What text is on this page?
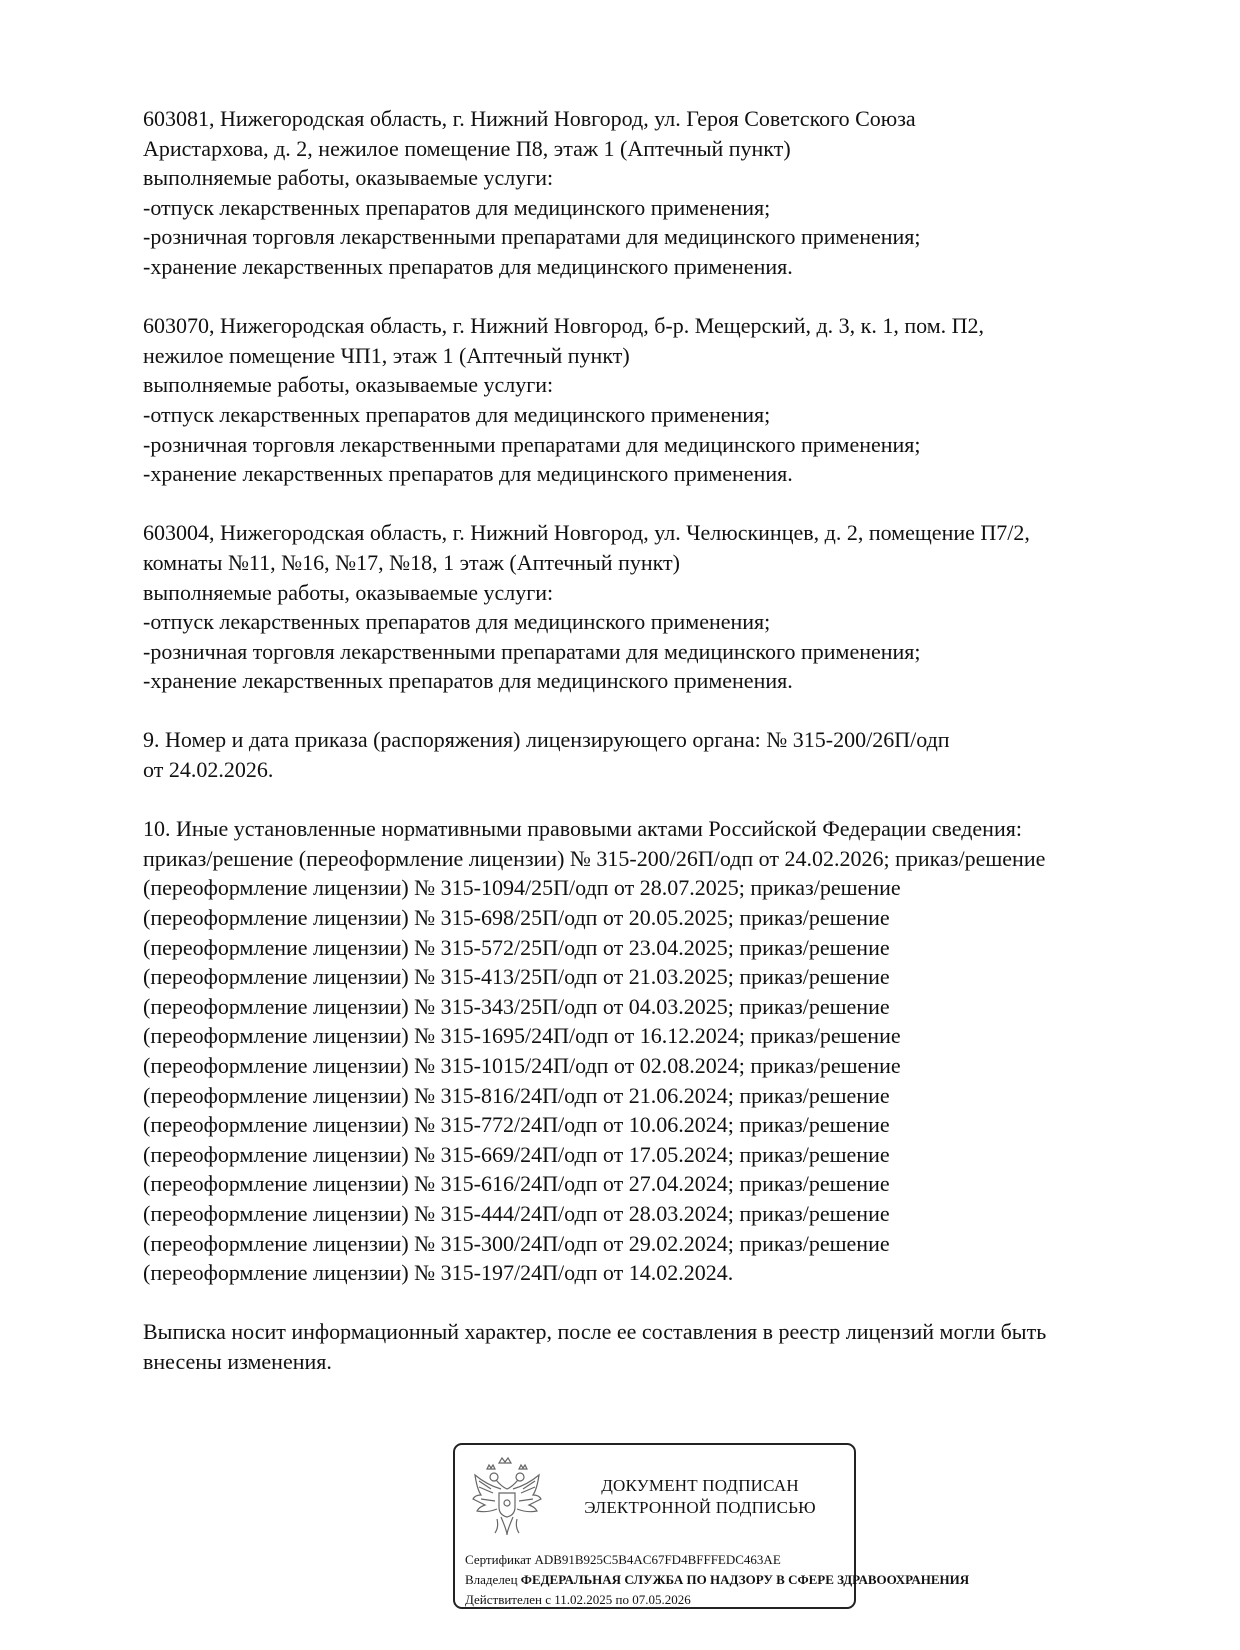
603081, Нижегородская область, г. Нижний Новгород, ул. Героя Советского Союза
Аристархова, д. 2, нежилое помещение П8, этаж 1 (Аптечный пункт)
выполняемые работы, оказываемые услуги:
-отпуск лекарственных препаратов для медицинского применения;
-розничная торговля лекарственными препаратами для медицинского применения;
-хранение лекарственных препаратов для медицинского применения.
603070, Нижегородская область, г. Нижний Новгород, б-р. Мещерский, д. 3, к. 1, пом. П2,
нежилое помещение ЧП1, этаж 1 (Аптечный пункт)
выполняемые работы, оказываемые услуги:
-отпуск лекарственных препаратов для медицинского применения;
-розничная торговля лекарственными препаратами для медицинского применения;
-хранение лекарственных препаратов для медицинского применения.
603004, Нижегородская область, г. Нижний Новгород, ул. Челюскинцев, д. 2, помещение П7/2,
комнаты №11, №16, №17, №18, 1 этаж (Аптечный пункт)
выполняемые работы, оказываемые услуги:
-отпуск лекарственных препаратов для медицинского применения;
-розничная торговля лекарственными препаратами для медицинского применения;
-хранение лекарственных препаратов для медицинского применения.
9. Номер и дата приказа (распоряжения) лицензирующего органа: № 315-200/26П/одп
от 24.02.2026.
10. Иные установленные нормативными правовыми актами Российской Федерации сведения:
приказ/решение (переоформление лицензии) № 315-200/26П/одп от 24.02.2026; приказ/решение
(переоформление лицензии) № 315-1094/25П/одп от 28.07.2025; приказ/решение
(переоформление лицензии) № 315-698/25П/одп от 20.05.2025; приказ/решение
(переоформление лицензии) № 315-572/25П/одп от 23.04.2025; приказ/решение
(переоформление лицензии) № 315-413/25П/одп от 21.03.2025; приказ/решение
(переоформление лицензии) № 315-343/25П/одп от 04.03.2025; приказ/решение
(переоформление лицензии) № 315-1695/24П/одп от 16.12.2024; приказ/решение
(переоформление лицензии) № 315-1015/24П/одп от 02.08.2024; приказ/решение
(переоформление лицензии) № 315-816/24П/одп от 21.06.2024; приказ/решение
(переоформление лицензии) № 315-772/24П/одп от 10.06.2024; приказ/решение
(переоформление лицензии) № 315-669/24П/одп от 17.05.2024; приказ/решение
(переоформление лицензии) № 315-616/24П/одп от 27.04.2024; приказ/решение
(переоформление лицензии) № 315-444/24П/одп от 28.03.2024; приказ/решение
(переоформление лицензии) № 315-300/24П/одп от 29.02.2024; приказ/решение
(переоформление лицензии) № 315-197/24П/одп от 14.02.2024.
Выписка носит информационный характер, после ее составления в реестр лицензий могли быть
внесены изменения.
ДОКУМЕНТ ПОДПИСАН
ЭЛЕКТРОННОЙ ПОДПИСЬЮ
Сертификат ADB91B925C5B4AC67FD4BFFFEDC463AE
Владелец ФЕДЕРАЛЬНАЯ СЛУЖБА ПО НАДЗОРУ В СФЕРЕ ЗДРАВООХРАНЕНИЯ
Действителен с 11.02.2025 по 07.05.2026
